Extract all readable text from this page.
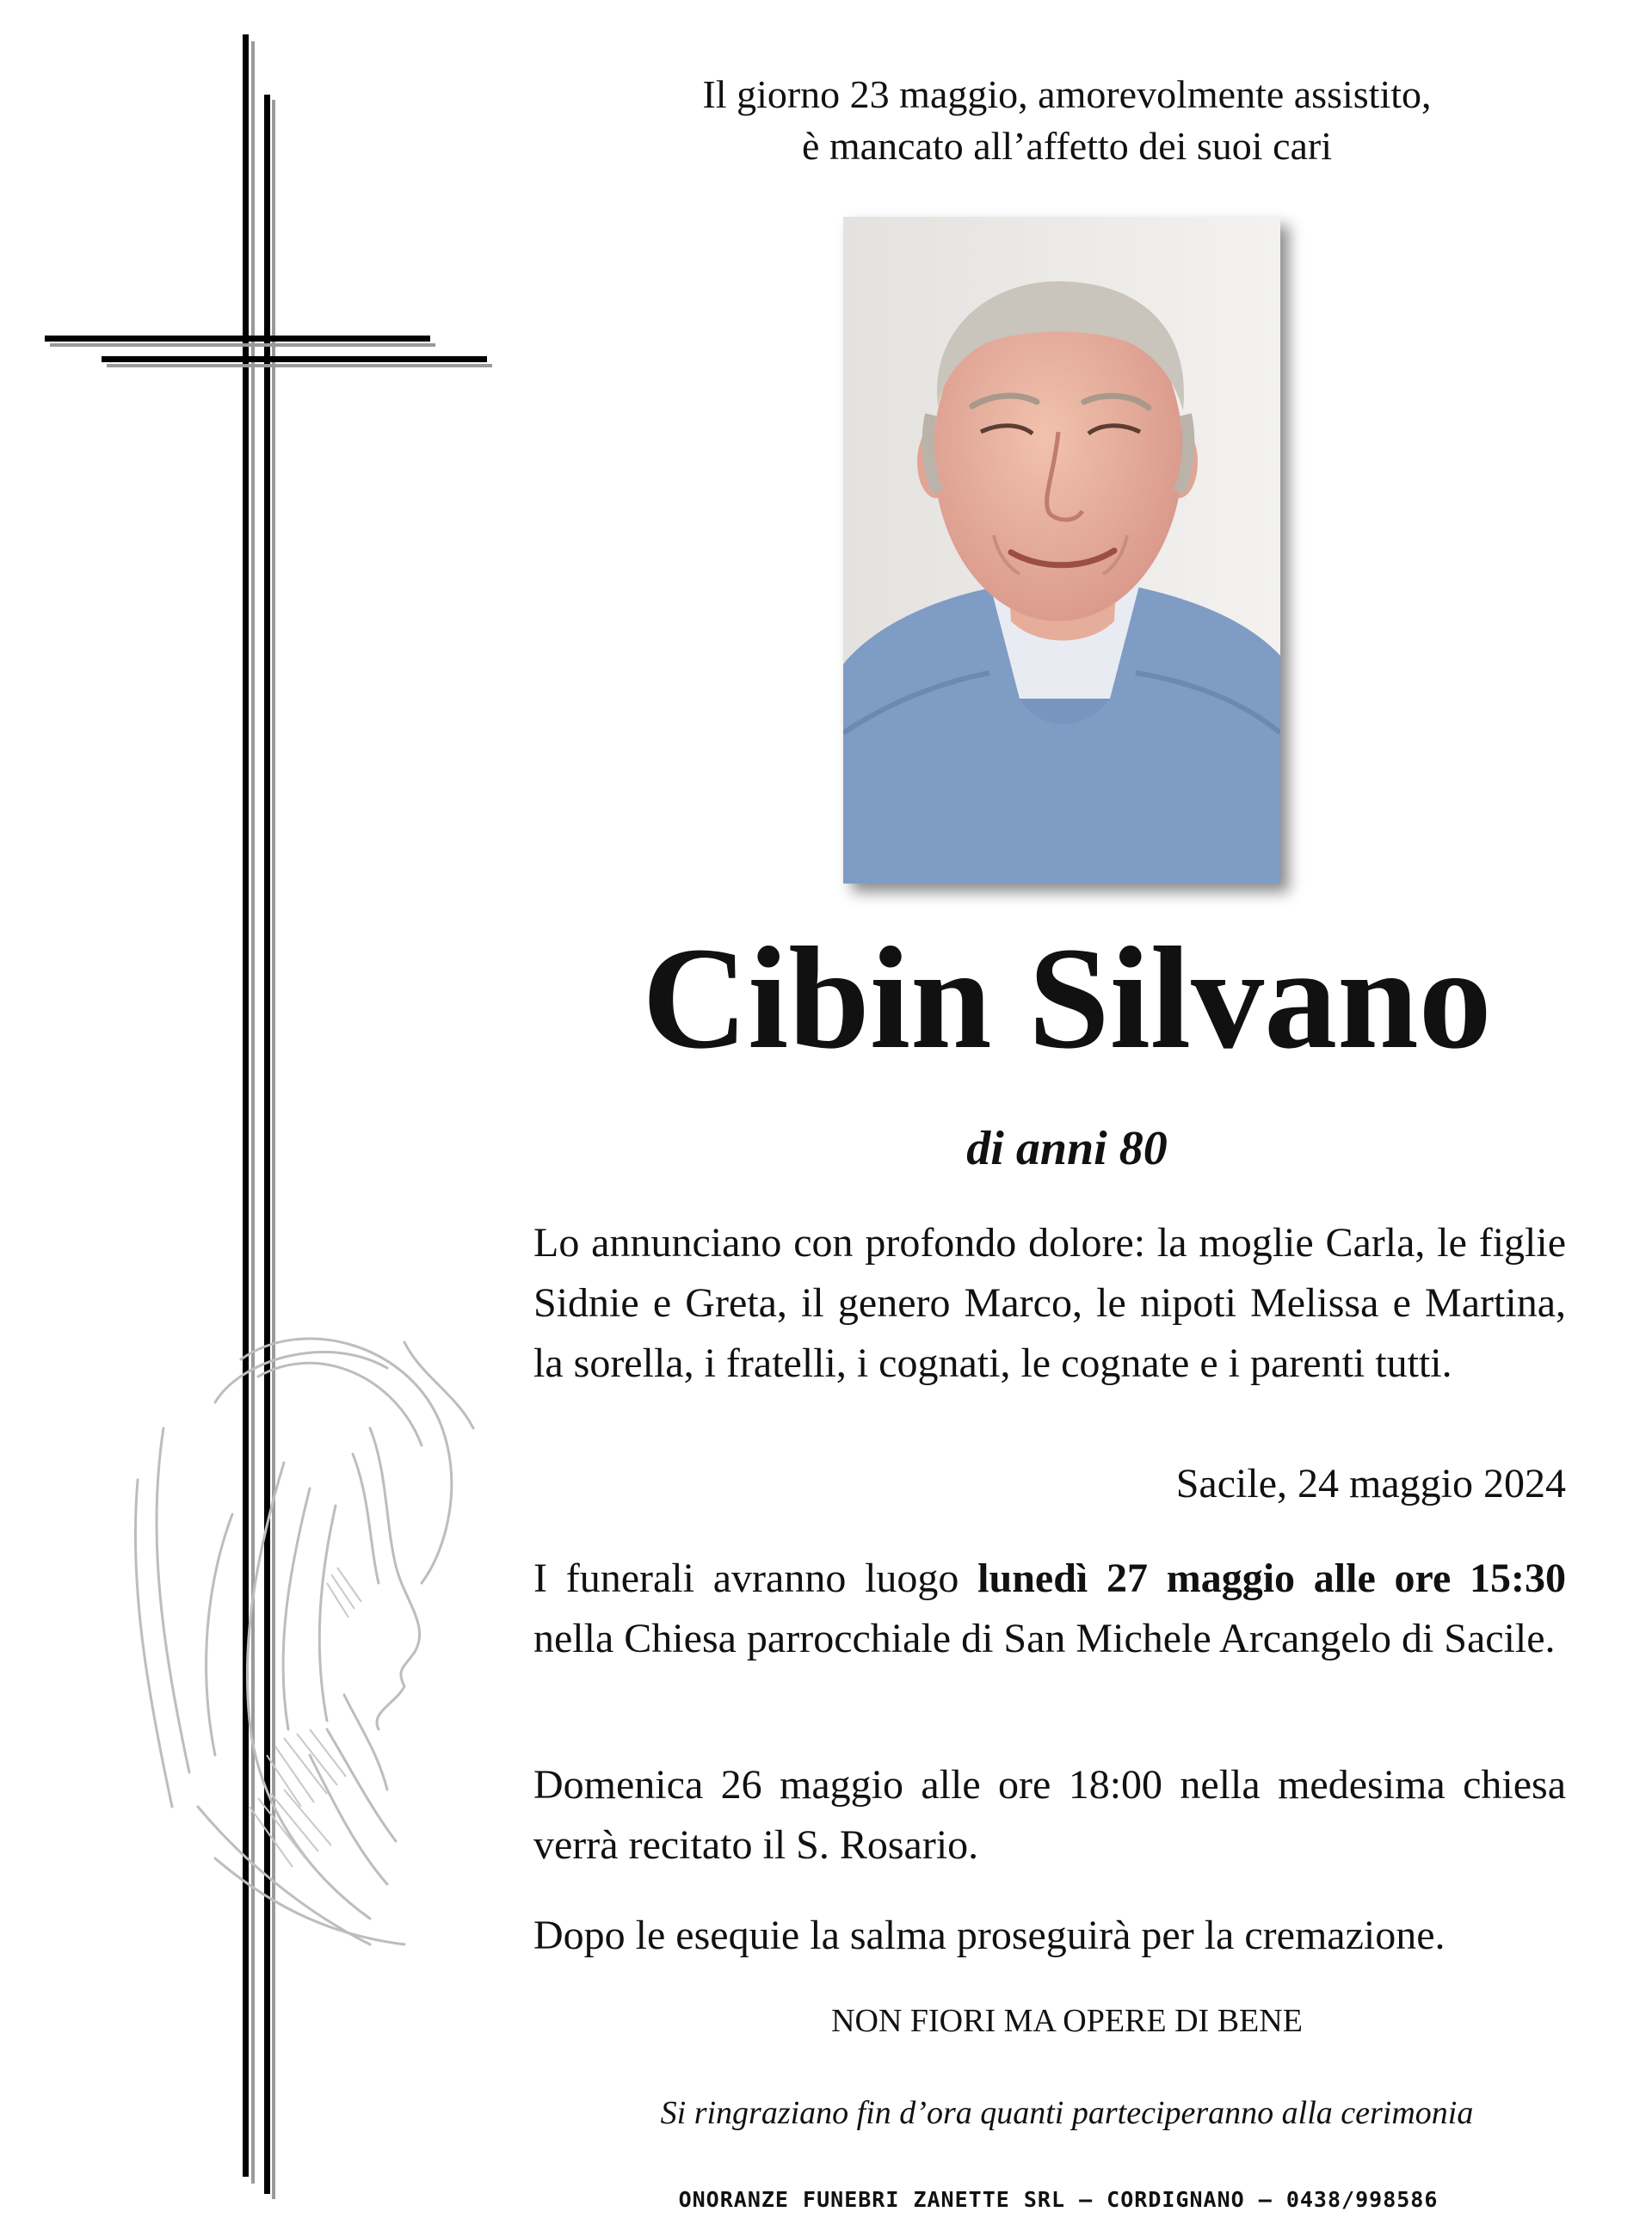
Il giorno 23 maggio, amorevolmente assistito,
è mancato all’affetto dei suoi cari
Cibin Silvano
di anni 80
Lo annunciano con profondo dolore: la moglie Carla, le figlie Sidnie e Greta, il genero Marco, le nipoti Melissa e Martina, la sorella, i fratelli, i cognati, le cognate e i parenti tutti.
Sacile, 24 maggio 2024
I funerali avranno luogo lunedì 27 maggio alle ore 15:30 nella Chiesa parrocchiale di San Michele Arcangelo di Sacile.
Domenica 26 maggio alle ore 18:00 nella medesima chiesa verrà recitato il S. Rosario.
Dopo le esequie la salma proseguirà per la cremazione.
NON FIORI MA OPERE DI BENE
Si ringraziano fin d’ora quanti parteciperanno alla cerimonia
ONORANZE FUNEBRI ZANETTE SRL – CORDIGNANO – 0438/998586
